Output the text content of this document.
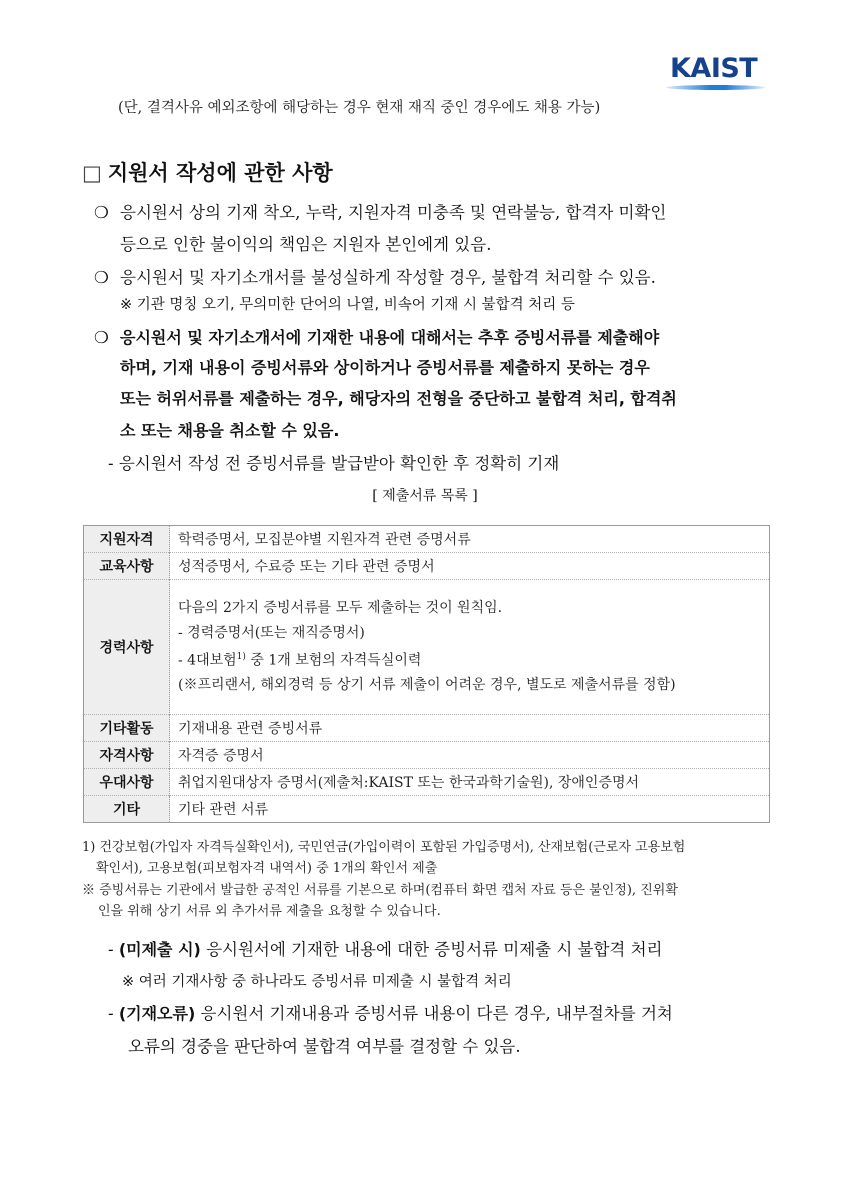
KAIST
(단, 결격사유 예외조항에 해당하는 경우 현재 재직 중인 경우에도 채용 가능)
□ 지원서 작성에 관한 사항
❍ 응시원서 상의 기재 착오, 누락, 지원자격 미충족 및 연락불능, 합격자 미확인
등으로 인한 불이익의 책임은 지원자 본인에게 있음.
❍ 응시원서 및 자기소개서를 불성실하게 작성할 경우, 불합격 처리할 수 있음.
※ 기관 명칭 오기, 무의미한 단어의 나열, 비속어 기재 시 불합격 처리 등
❍ 응시원서 및 자기소개서에 기재한 내용에 대해서는 추후 증빙서류를 제출해야
하며, 기재 내용이 증빙서류와 상이하거나 증빙서류를 제출하지 못하는 경우
또는 허위서류를 제출하는 경우, 해당자의 전형을 중단하고 불합격 처리, 합격취
소 또는 채용을 취소할 수 있음.
- 응시원서 작성 전 증빙서류를 발급받아 확인한 후 정확히 기재
[ 제출서류 목록 ]
지원자격	학력증명서, 모집분야별 지원자격 관련 증명서류
교육사항	성적증명서, 수료증 또는 기타 관련 증명서
경력사항	다음의 2가지 증빙서류를 모두 제출하는 것이 원칙임.
- 경력증명서(또는 재직증명서)
- 4대보험$^{1)}$ 중 1개 보험의 자격득실이력
(※프리랜서, 해외경력 등 상기 서류 제출이 어려운 경우, 별도로 제출서류를 정함)

기타활동	기재내용 관련 증빙서류
자격사항	자격증 증명서
우대사항	취업지원대상자 증명서(제출처:KAIST 또는 한국과학기술원), 장애인증명서
기타	기타 관련 서류
1) 건강보험(가입자 자격득실확인서), 국민연금(가입이력이 포함된 가입증명서), 산재보험(근로자 고용보험
확인서), 고용보험(피보험자격 내역서) 중 1개의 확인서 제출
※ 증빙서류는 기관에서 발급한 공적인 서류를 기본으로 하며(컴퓨터 화면 캡처 자료 등은 불인정), 진위확
인을 위해 상기 서류 외 추가서류 제출을 요청할 수 있습니다.
- (미제출 시) 응시원서에 기재한 내용에 대한 증빙서류 미제출 시 불합격 처리
※ 여러 기재사항 중 하나라도 증빙서류 미제출 시 불합격 처리
- (기재오류) 응시원서 기재내용과 증빙서류 내용이 다른 경우, 내부절차를 거쳐
오류의 경중을 판단하여 불합격 여부를 결정할 수 있음.
